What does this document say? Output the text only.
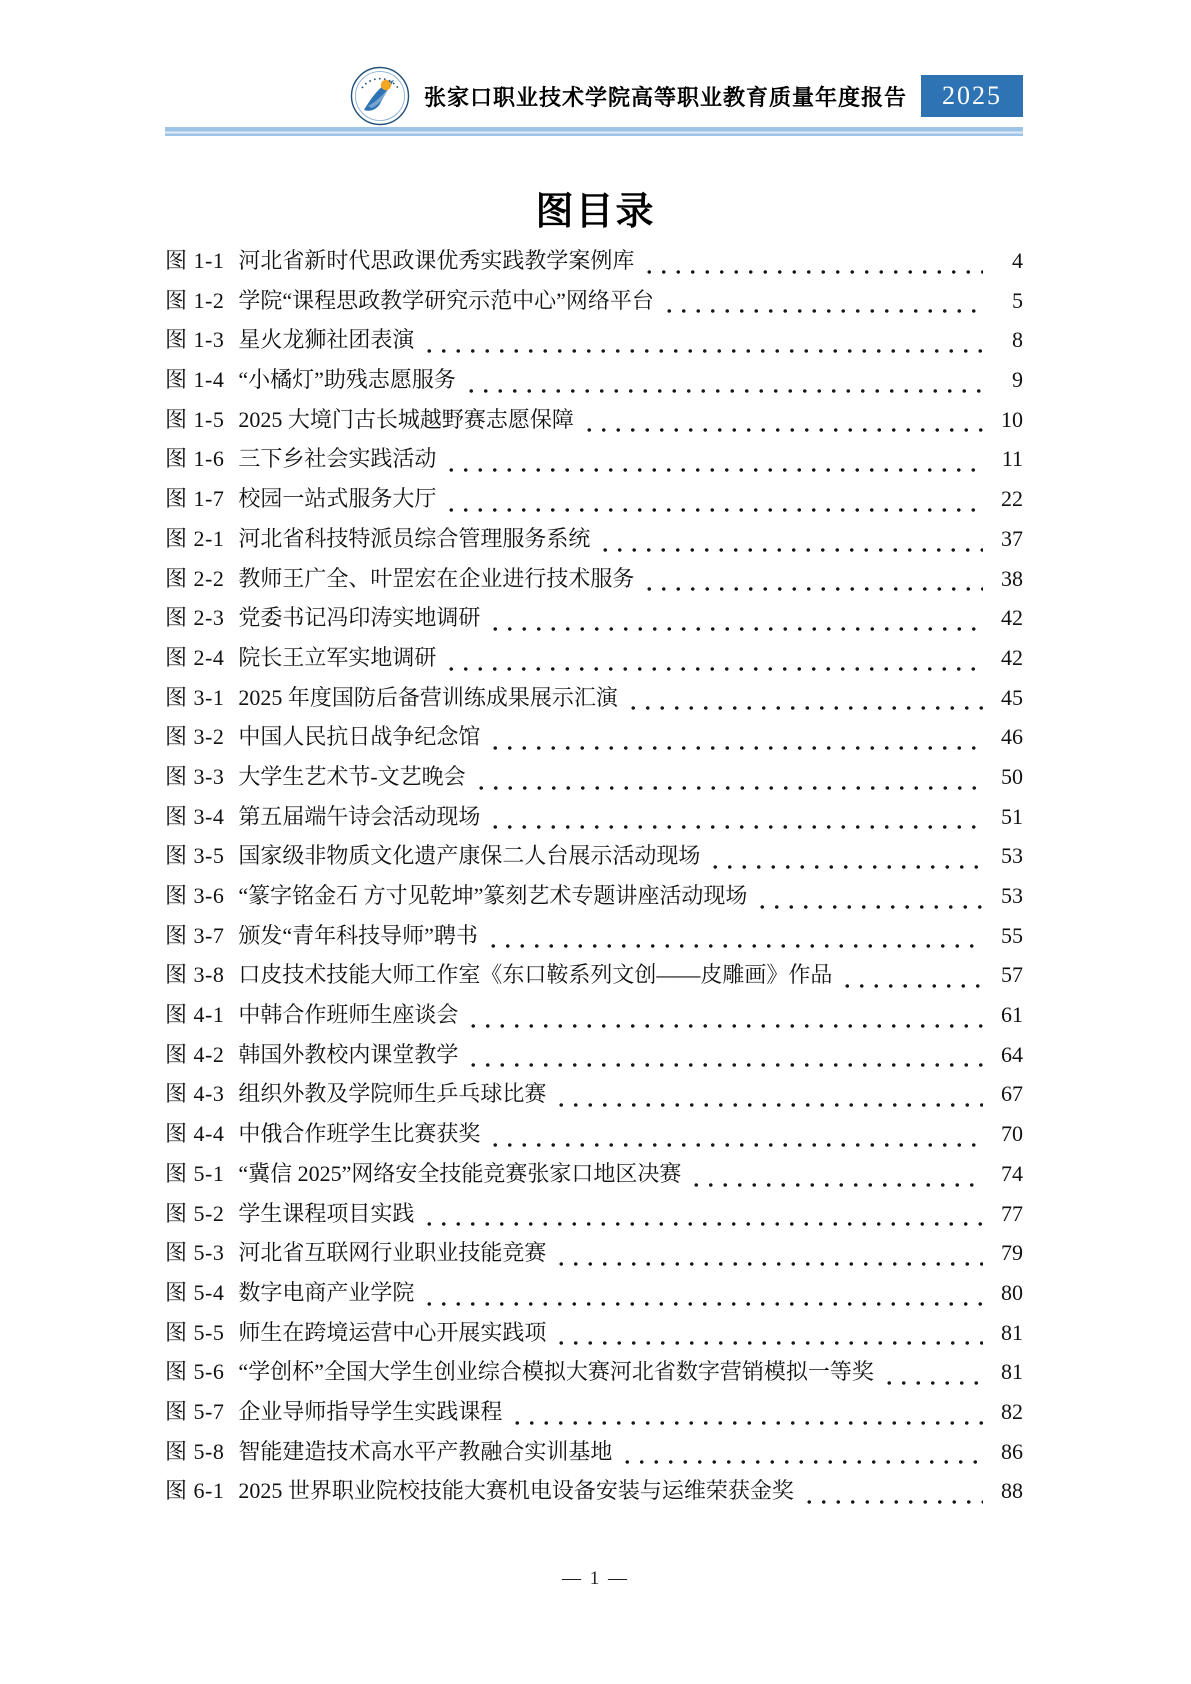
张家口职业技术学院高等职业教育质量年度报告	2025
图目录
图 1-1 河北省新时代思政课优秀实践教学案例库	4
图 1-2 学院“课程思政教学研究示范中心”网络平台	5
图 1-3 星火龙狮社团表演	8
图 1-4 “小橘灯”助残志愿服务	9
图 1-5 2025 大境门古长城越野赛志愿保障	10
图 1-6 三下乡社会实践活动	11
图 1-7 校园一站式服务大厅	22
图 2-1 河北省科技特派员综合管理服务系统	37
图 2-2 教师王广全、叶罡宏在企业进行技术服务	38
图 2-3 党委书记冯印涛实地调研	42
图 2-4 院长王立军实地调研	42
图 3-1 2025 年度国防后备营训练成果展示汇演	45
图 3-2 中国人民抗日战争纪念馆	46
图 3-3 大学生艺术节-文艺晚会	50
图 3-4 第五届端午诗会活动现场	51
图 3-5 国家级非物质文化遗产康保二人台展示活动现场	53
图 3-6 “篆字铭金石 方寸见乾坤”篆刻艺术专题讲座活动现场	53
图 3-7 颁发“青年科技导师”聘书	55
图 3-8 口皮技术技能大师工作室《东口鞍系列文创——皮雕画》作品	57
图 4-1 中韩合作班师生座谈会	61
图 4-2 韩国外教校内课堂教学	64
图 4-3 组织外教及学院师生乒乓球比赛	67
图 4-4 中俄合作班学生比赛获奖	70
图 5-1 “冀信 2025”网络安全技能竞赛张家口地区决赛	74
图 5-2 学生课程项目实践	77
图 5-3 河北省互联网行业职业技能竞赛	79
图 5-4 数字电商产业学院	80
图 5-5 师生在跨境运营中心开展实践项	81
图 5-6 “学创杯”全国大学生创业综合模拟大赛河北省数字营销模拟一等奖	81
图 5-7 企业导师指导学生实践课程	82
图 5-8 智能建造技术高水平产教融合实训基地	86
图 6-1 2025 世界职业院校技能大赛机电设备安装与运维荣获金奖	88
— 1 —
